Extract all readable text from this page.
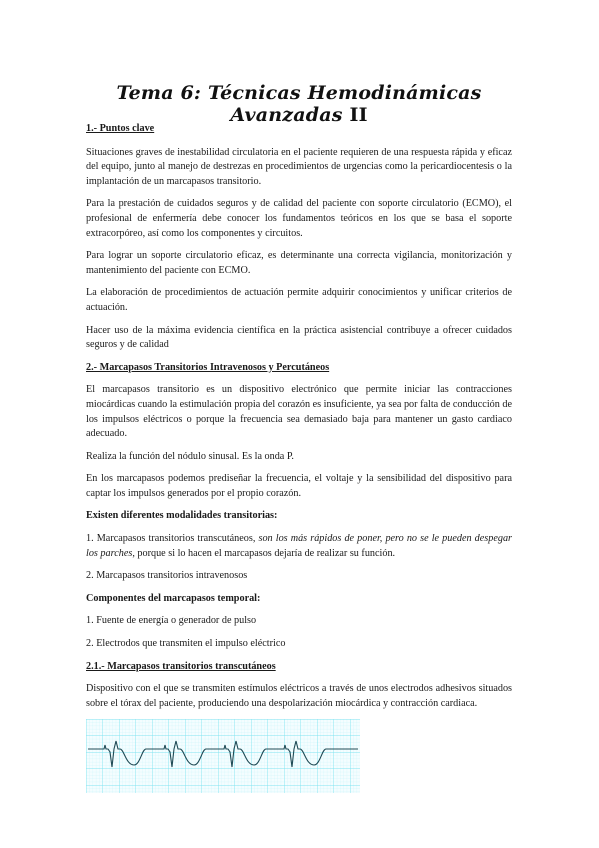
Tema 6: Técnicas Hemodinámicas Avanzadas II

1.- Puntos clave

Situaciones graves de inestabilidad circulatoria en el paciente requieren de una respuesta rápida y eficaz del equipo, junto al manejo de destrezas en procedimientos de urgencias como la pericardiocentesis o la implantación de un marcapasos transitorio.

Para la prestación de cuidados seguros y de calidad del paciente con soporte circulatorio (ECMO), el profesional de enfermería debe conocer los fundamentos teóricos en los que se basa el soporte extracorpóreo, así como los componentes y circuitos.

Para lograr un soporte circulatorio eficaz, es determinante una correcta vigilancia, monitorización y mantenimiento del paciente con ECMO.

La elaboración de procedimientos de actuación permite adquirir conocimientos y unificar criterios de actuación.

Hacer uso de la máxima evidencia científica en la práctica asistencial contribuye a ofrecer cuidados seguros y de calidad

2.- Marcapasos Transitorios Intravenosos y Percutáneos

El marcapasos transitorio es un dispositivo electrónico que permite iniciar las contracciones miocárdicas cuando la estimulación propia del corazón es insuficiente, ya sea por falta de conducción de los impulsos eléctricos o porque la frecuencia sea demasiado baja para mantener un gasto cardiaco adecuado.

Realiza la función del nódulo sinusal. Es la onda P.

En los marcapasos podemos prediseñar la frecuencia, el voltaje y la sensibilidad del dispositivo para captar los impulsos generados por el propio corazón.

Existen diferentes modalidades transitorias:

1. Marcapasos transitorios transcutáneos, son los más rápidos de poner, pero no se le pueden despegar los parches, porque si lo hacen el marcapasos dejaría de realizar su función.

2. Marcapasos transitorios intravenosos

Componentes del marcapasos temporal:

1. Fuente de energía o generador de pulso

2. Electrodos que transmiten el impulso eléctrico

2.1.- Marcapasos transitorios transcutáneos

Dispositivo con el que se transmiten estímulos eléctricos a través de unos electrodos adhesivos situados sobre el tórax del paciente, produciendo una despolarización miocárdica y contracción cardiaca.
